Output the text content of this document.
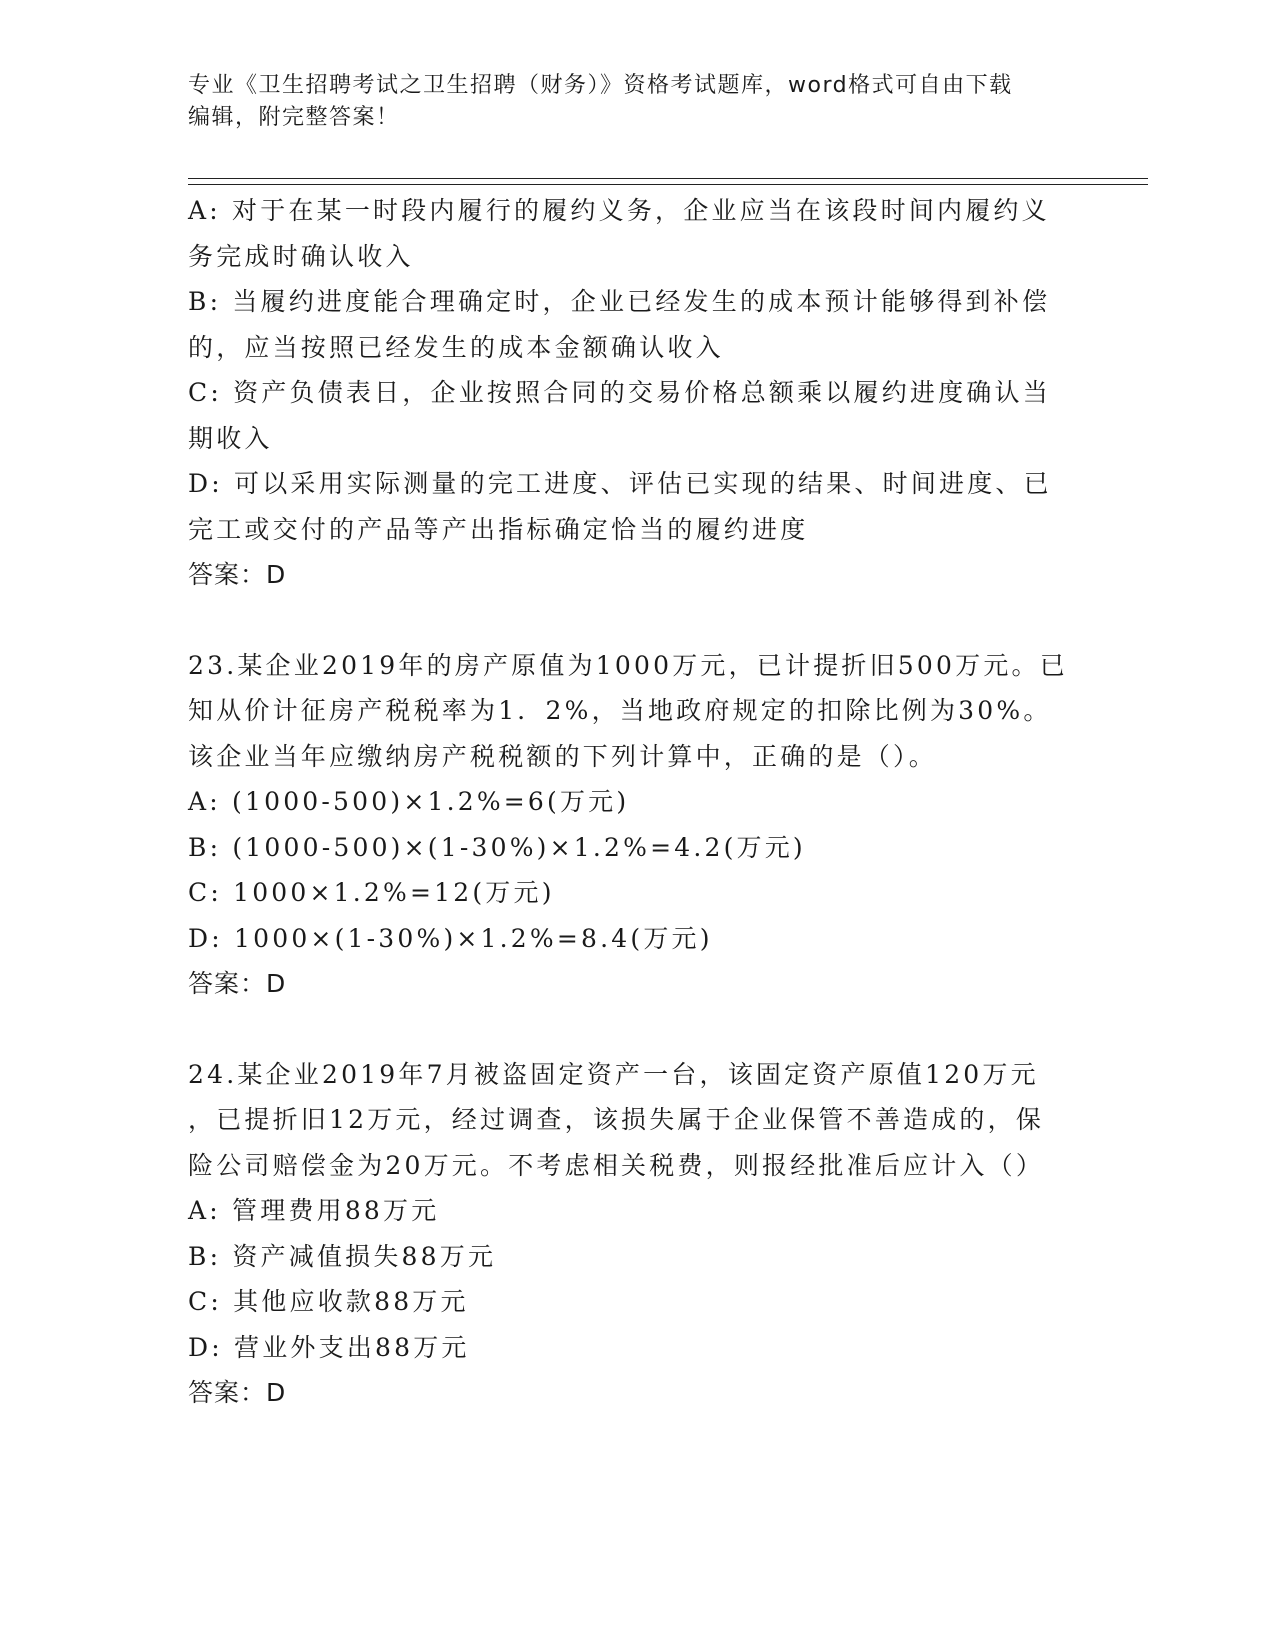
专业《卫生招聘考试之卫生招聘（财务）》资格考试题库，word格式可自由下载
编辑，附完整答案！
A: 对于在某一时段内履行的履约义务，企业应当在该段时间内履约义
务完成时确认收入
B: 当履约进度能合理确定时，企业已经发生的成本预计能够得到补偿
的，应当按照已经发生的成本金额确认收入
C: 资产负债表日，企业按照合同的交易价格总额乘以履约进度确认当
期收入
D: 可以采用实际测量的完工进度、评估已实现的结果、时间进度、已
完工或交付的产品等产出指标确定恰当的履约进度
答案：D
23.某企业2019年的房产原值为1000万元，已计提折旧500万元。已
知从价计征房产税税率为1．2%，当地政府规定的扣除比例为30%。
该企业当年应缴纳房产税税额的下列计算中，正确的是（）。
A: (1000-500)×1.2%=6(万元)
B: (1000-500)×(1-30%)×1.2%=4.2(万元)
C: 1000×1.2%=12(万元)
D: 1000×(1-30%)×1.2%=8.4(万元)
答案：D
24.某企业2019年7月被盗固定资产一台，该固定资产原值120万元
，已提折旧12万元，经过调查，该损失属于企业保管不善造成的，保
险公司赔偿金为20万元。不考虑相关税费，则报经批准后应计入（）
A: 管理费用88万元
B: 资产减值损失88万元
C: 其他应收款88万元
D: 营业外支出88万元
答案：D
